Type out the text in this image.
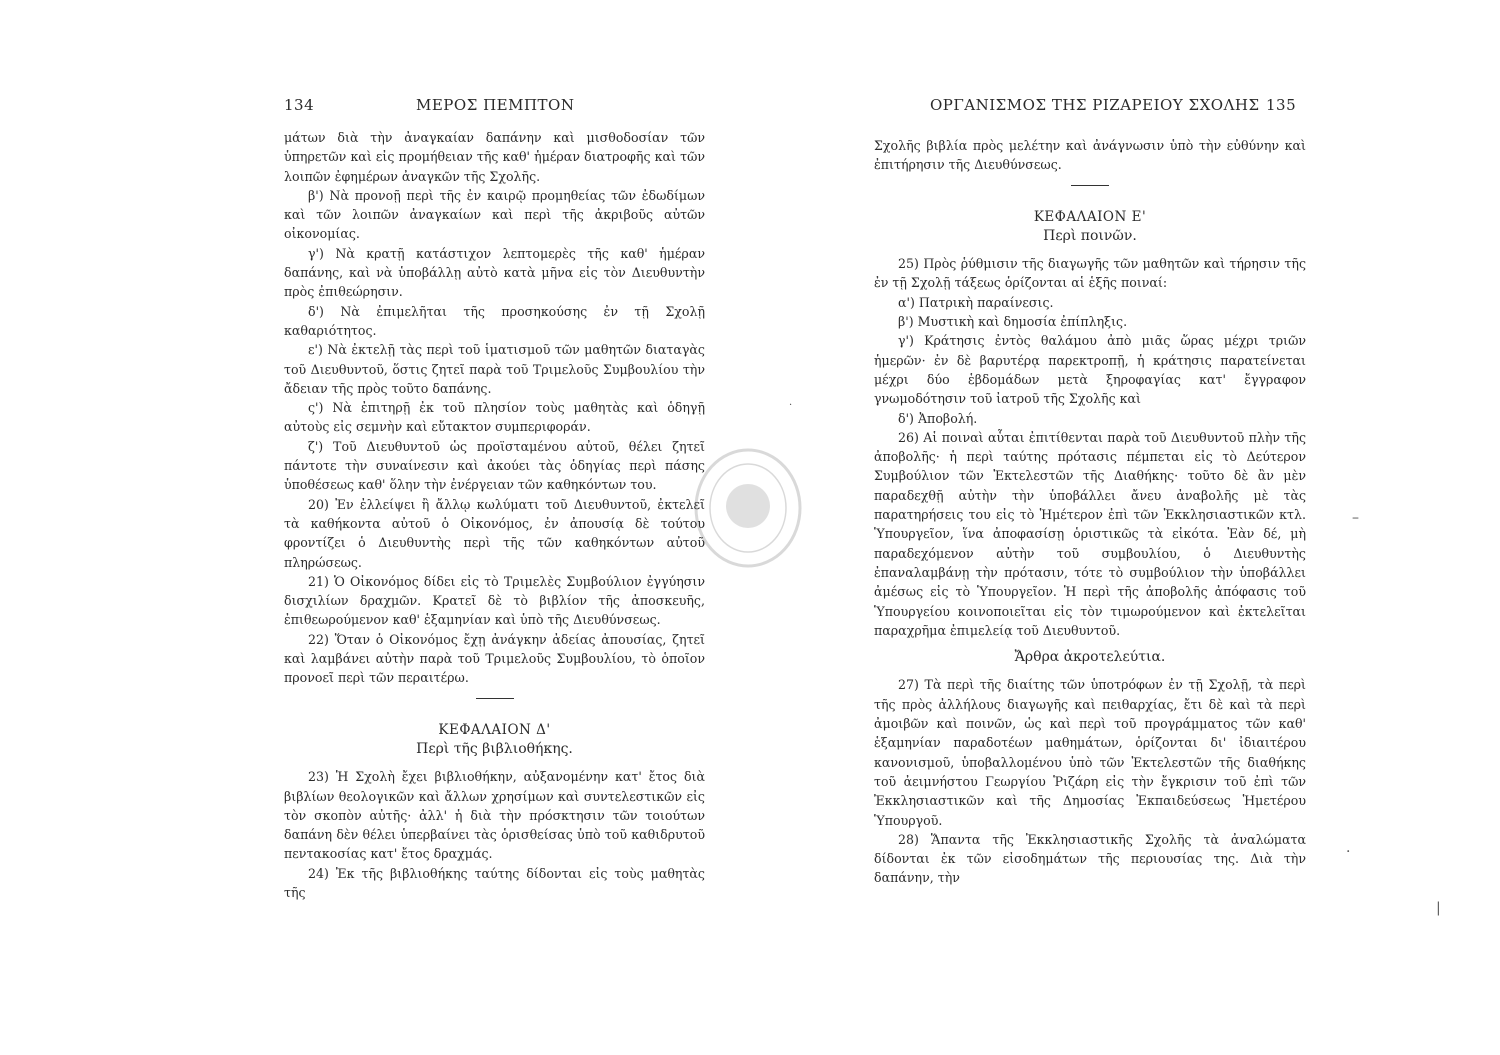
134	ΜΕΡΟΣ ΠΕΜΠΤΟΝ

μάτων διὰ τὴν ἀναγκαίαν δαπάνην καὶ μισθοδοσίαν τῶν ὑπηρετῶν καὶ εἰς προμήθειαν τῆς καθ' ἡμέραν διατροφῆς καὶ τῶν λοιπῶν ἐφημέρων ἀναγκῶν τῆς Σχολῆς.

β') Νὰ προνοῇ περὶ τῆς ἐν καιρῷ προμηθείας τῶν ἐδωδίμων καὶ τῶν λοιπῶν ἀναγκαίων καὶ περὶ τῆς ἀκριβοῦς αὐτῶν οἰκονομίας.

γ') Νὰ κρατῇ κατάστιχον λεπτομερὲς τῆς καθ' ἡμέραν δαπάνης, καὶ νὰ ὑποβάλλῃ αὐτὸ κατὰ μῆνα εἰς τὸν Διευθυντὴν πρὸς ἐπιθεώρησιν.

δ') Νὰ ἐπιμελῆται τῆς προσηκούσης ἐν τῇ Σχολῇ καθαριότητος.

ε') Νὰ ἐκτελῇ τὰς περὶ τοῦ ἱματισμοῦ τῶν μαθητῶν διαταγὰς τοῦ Διευθυντοῦ, ὅστις ζητεῖ παρὰ τοῦ Τριμελοῦς Συμβουλίου τὴν ἄδειαν τῆς πρὸς τοῦτο δαπάνης.

ς') Νὰ ἐπιτηρῇ ἐκ τοῦ πλησίον τοὺς μαθητὰς καὶ ὁδηγῇ αὐτοὺς εἰς σεμνὴν καὶ εὔτακτον συμπεριφοράν.

ζ') Τοῦ Διευθυντοῦ ὡς προϊσταμένου αὐτοῦ, θέλει ζητεῖ πάντοτε τὴν συναίνεσιν καὶ ἀκούει τὰς ὁδηγίας περὶ πάσης ὑποθέσεως καθ' ὅλην τὴν ἐνέργειαν τῶν καθηκόντων του.

20) Ἐν ἐλλείψει ἢ ἄλλῳ κωλύματι τοῦ Διευθυντοῦ, ἐκτελεῖ τὰ καθήκοντα αὐτοῦ ὁ Οἰκονόμος, ἐν ἀπουσίᾳ δὲ τούτου φροντίζει ὁ Διευθυντὴς περὶ τῆς τῶν καθηκόντων αὐτοῦ πληρώσεως.

21) Ὁ Οἰκονόμος δίδει εἰς τὸ Τριμελὲς Συμβούλιον ἐγγύησιν δισχιλίων δραχμῶν. Κρατεῖ δὲ τὸ βιβλίον τῆς ἀποσκευῆς, ἐπιθεωρούμενον καθ' ἑξαμηνίαν καὶ ὑπὸ τῆς Διευθύνσεως.

22) Ὅταν ὁ Οἰκονόμος ἔχῃ ἀνάγκην ἀδείας ἀπουσίας, ζητεῖ καὶ λαμβάνει αὐτὴν παρὰ τοῦ Τριμελοῦς Συμβουλίου, τὸ ὁποῖον προνοεῖ περὶ τῶν περαιτέρω.

ΚΕΦΑΛΑΙΟΝ Δ'
Περὶ τῆς βιβλιοθήκης.

23) Ἡ Σχολὴ ἔχει βιβλιοθήκην, αὐξανομένην κατ' ἔτος διὰ βιβλίων θεολογικῶν καὶ ἄλλων χρησίμων καὶ συντελεστικῶν εἰς τὸν σκοπὸν αὐτῆς· ἀλλ' ἡ διὰ τὴν πρόσκτησιν τῶν τοιούτων δαπάνη δὲν θέλει ὑπερβαίνει τὰς ὁρισθείσας ὑπὸ τοῦ καθιδρυτοῦ πεντακοσίας κατ' ἔτος δραχμάς.

24) Ἐκ τῆς βιβλιοθήκης ταύτης δίδονται εἰς τοὺς μαθητὰς τῆς

ΟΡΓΑΝΙΣΜΟΣ ΤΗΣ ΡΙΖΑΡΕΙΟΥ ΣΧΟΛΗΣ 135

Σχολῆς βιβλία πρὸς μελέτην καὶ ἀνάγνωσιν ὑπὸ τὴν εὐθύνην καὶ ἐπιτήρησιν τῆς Διευθύνσεως.

ΚΕΦΑΛΑΙΟΝ Ε'
Περὶ ποινῶν.

25) Πρὸς ῥύθμισιν τῆς διαγωγῆς τῶν μαθητῶν καὶ τήρησιν τῆς ἐν τῇ Σχολῇ τάξεως ὁρίζονται αἱ ἑξῆς ποιναί:

α') Πατρικὴ παραίνεσις.

β') Μυστικὴ καὶ δημοσία ἐπίπληξις.

γ') Κράτησις ἐντὸς θαλάμου ἀπὸ μιᾶς ὥρας μέχρι τριῶν ἡμερῶν· ἐν δὲ βαρυτέρᾳ παρεκτροπῇ, ἡ κράτησις παρατείνεται μέχρι δύο ἑβδομάδων μετὰ ξηροφαγίας κατ' ἔγγραφον γνωμοδότησιν τοῦ ἰατροῦ τῆς Σχολῆς καὶ

δ') Ἀποβολή.

26) Αἱ ποιναὶ αὗται ἐπιτίθενται παρὰ τοῦ Διευθυντοῦ πλὴν τῆς ἀποβολῆς· ἡ περὶ ταύτης πρότασις πέμπεται εἰς τὸ Δεύτερον Συμβούλιον τῶν Ἐκτελεστῶν τῆς Διαθήκης· τοῦτο δὲ ἂν μὲν παραδεχθῇ αὐτὴν τὴν ὑποβάλλει ἄνευ ἀναβολῆς μὲ τὰς παρατηρήσεις του εἰς τὸ Ἡμέτερον ἐπὶ τῶν Ἐκκλησιαστικῶν κτλ. Ὑπουργεῖον, ἵνα ἀποφασίσῃ ὁριστικῶς τὰ εἰκότα. Ἐὰν δέ, μὴ παραδεχόμενον αὐτὴν τοῦ συμβουλίου, ὁ Διευθυντὴς ἐπαναλαμβάνῃ τὴν πρότασιν, τότε τὸ συμβούλιον τὴν ὑποβάλλει ἀμέσως εἰς τὸ Ὑπουργεῖον. Ἡ περὶ τῆς ἀποβολῆς ἀπόφασις τοῦ Ὑπουργείου κοινοποιεῖται εἰς τὸν τιμωρούμενον καὶ ἐκτελεῖται παραχρῆμα ἐπιμελείᾳ τοῦ Διευθυντοῦ.

Ἄρθρα ἀκροτελεύτια.

27) Τὰ περὶ τῆς διαίτης τῶν ὑποτρόφων ἐν τῇ Σχολῇ, τὰ περὶ τῆς πρὸς ἀλλήλους διαγωγῆς καὶ πειθαρχίας, ἔτι δὲ καὶ τὰ περὶ ἀμοιβῶν καὶ ποινῶν, ὡς καὶ περὶ τοῦ προγράμματος τῶν καθ' ἑξαμηνίαν παραδοτέων μαθημάτων, ὁρίζονται δι' ἰδιαιτέρου κανονισμοῦ, ὑποβαλλομένου ὑπὸ τῶν Ἐκτελεστῶν τῆς διαθήκης τοῦ ἀειμνήστου Γεωργίου Ῥιζάρη εἰς τὴν ἔγκρισιν τοῦ ἐπὶ τῶν Ἐκκλησιαστικῶν καὶ τῆς Δημοσίας Ἐκπαιδεύσεως Ἡμετέρου Ὑπουργοῦ.

28) Ἅπαντα τῆς Ἐκκλησιαστικῆς Σχολῆς τὰ ἀναλώματα δίδονται ἐκ τῶν εἰσοδημάτων τῆς περιουσίας της. Διὰ τὴν δαπάνην, τὴν

–
·
|
·
